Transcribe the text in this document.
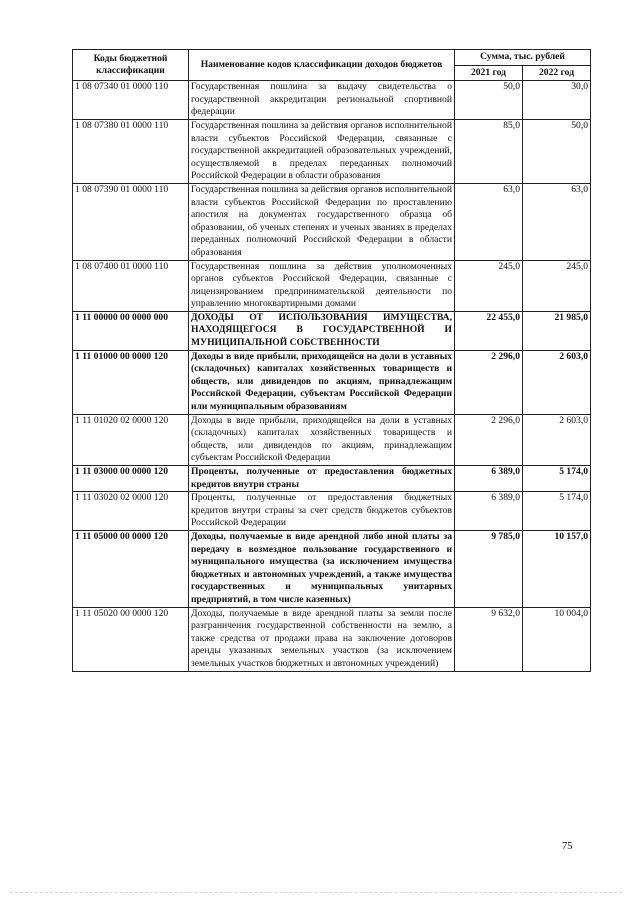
Коды бюджетной классификации	Наименование кодов классификации доходов бюджетов	Сумма, тыс. рублей	
		2021 год	2022 год
1 08 07340 01 0000 110	Государственная пошлина за выдачу свидетельства о государственной аккредитации региональной спортивной федерации	50,0	30,0
1 08 07380 01 0000 110	Государственная пошлина за действия органов исполнительной власти субъектов Российской Федерации, связанные с государственной аккредитацией образовательных учреждений, осуществляемой в пределах переданных полномочий Российской Федерации в области образования	85,0	50,0
1 08 07390 01 0000 110	Государственная пошлина за действия органов исполнительной власти субъектов Российской Федерации по проставлению апостиля на документах государственного образца об образовании, об ученых степенях и ученых званиях в пределах переданных полномочий Российской Федерации в области образования	63,0	63,0
1 08 07400 01 0000 110	Государственная пошлина за действия уполномоченных органов субъектов Российской Федерации, связанные с лицензированием предпринимательской деятельности по управлению многоквартирными домами	245,0	245,0
1 11 00000 00 0000 000	ДОХОДЫ ОТ ИСПОЛЬЗОВАНИЯ ИМУЩЕСТВА, НАХОДЯЩЕГОСЯ В ГОСУДАРСТВЕННОЙ И МУНИЦИПАЛЬНОЙ СОБСТВЕННОСТИ	22 455,0	21 985,0
1 11 01000 00 0000 120	Доходы в виде прибыли, приходящейся на доли в уставных (складочных) капиталах хозяйственных товариществ и обществ, или дивидендов по акциям, принадлежащим Российской Федерации, субъектам Российской Федерации или муниципальным образованиям	2 296,0	2 603,0
1 11 01020 02 0000 120	Доходы в виде прибыли, приходящейся на доли в уставных (складочных) капиталах хозяйственных товариществ и обществ, или дивидендов по акциям, принадлежащим субъектам Российской Федерации	2 296,0	2 603,0
1 11 03000 00 0000 120	Проценты, полученные от предоставления бюджетных кредитов внутри страны	6 389,0	5 174,0
1 11 03020 02 0000 120	Проценты, полученные от предоставления бюджетных кредитов внутри страны за счет средств бюджетов субъектов Российской Федерации	6 389,0	5 174,0
1 11 05000 00 0000 120	Доходы, получаемые в виде арендной либо иной платы за передачу в возмездное пользование государственного и муниципального имущества (за исключением имущества бюджетных и автономных учреждений, а также имущества государственных и муниципальных унитарных предприятий, в том числе казенных)	9 785,0	10 157,0
1 11 05020 00 0000 120	Доходы, получаемые в виде арендной платы за земли после разграничения государственной собственности на землю, а также средства от продажи права на заключение договоров аренды указанных земельных участков (за исключением земельных участков бюджетных и автономных учреждений)	9 632,0	10 004,0
75
